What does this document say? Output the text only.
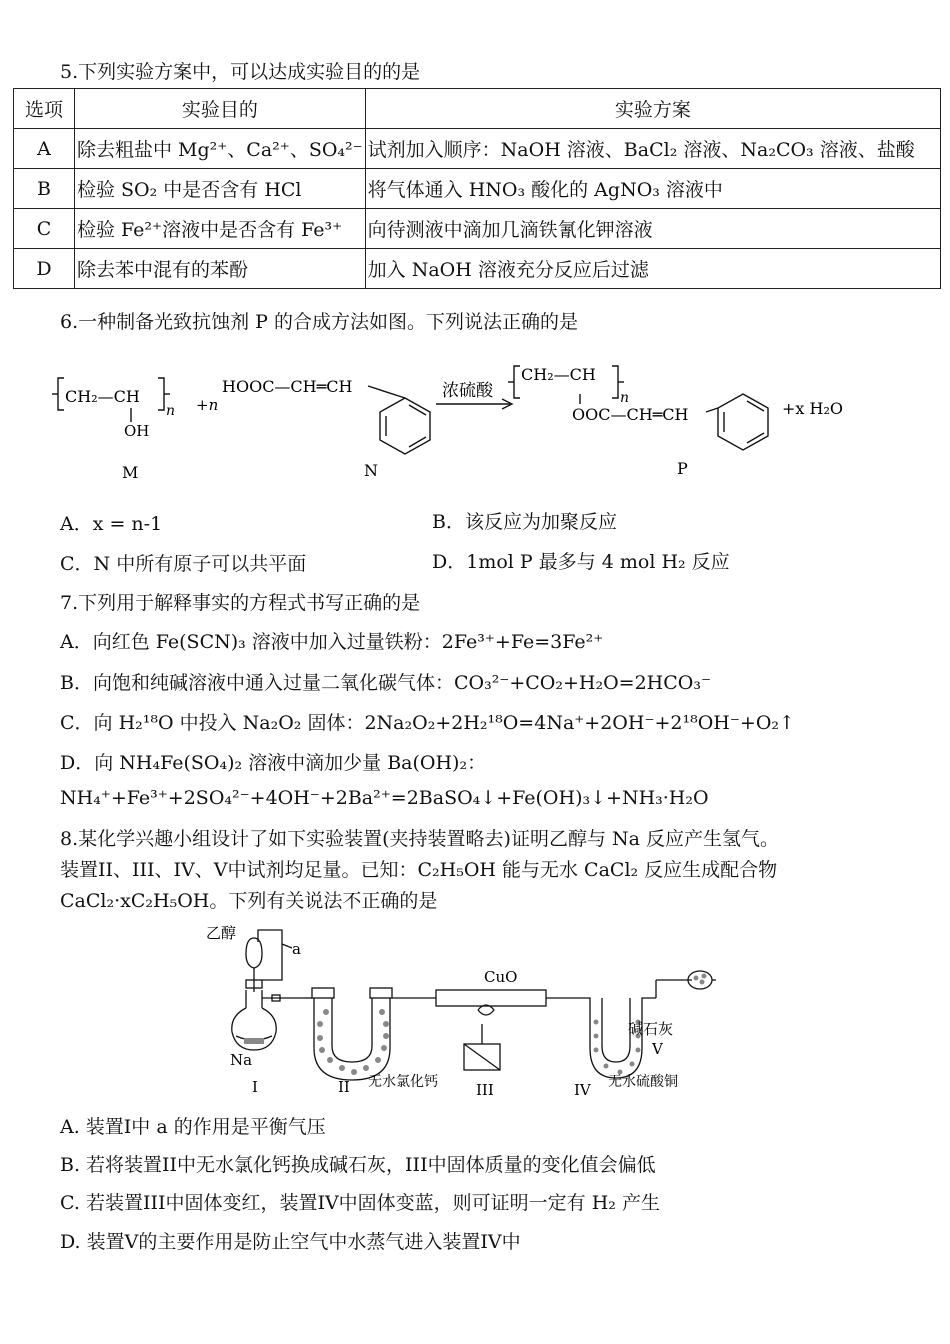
5.下列实验方案中，可以达成实验目的的是
选项	实验目的	实验方案
A	除去粗盐中 Mg²⁺、Ca²⁺、SO₄²⁻	试剂加入顺序：NaOH 溶液、BaCl₂ 溶液、Na₂CO₃ 溶液、盐酸
B	检验 SO₂ 中是否含有 HCl	将气体通入 HNO₃ 酸化的 AgNO₃ 溶液中
C	检验 Fe²⁺溶液中是否含有 Fe³⁺	向待测液中滴加几滴铁氰化钾溶液
D	除去苯中混有的苯酚	加入 NaOH 溶液充分反应后过滤
6.一种制备光致抗蚀剂 P 的合成方法如图。下列说法正确的是
CH₂—CH
n
OH
+n
HOOC—CH═CH	浓硫酸
CH₂—CH
n
OOC—CH═CH	+x H₂O
M	N	P
A．x = n-1	B．该反应为加聚反应
C．N 中所有原子可以共平面	D．1mol P 最多与 4 mol H₂ 反应
7.下列用于解释事实的方程式书写正确的是
A．向红色 Fe(SCN)₃ 溶液中加入过量铁粉：2Fe³⁺+Fe=3Fe²⁺
B．向饱和纯碱溶液中通入过量二氧化碳气体：CO₃²⁻+CO₂+H₂O=2HCO₃⁻
C．向 H₂¹⁸O 中投入 Na₂O₂ 固体：2Na₂O₂+2H₂¹⁸O=4Na⁺+2OH⁻+2¹⁸OH⁻+O₂↑
D．向 NH₄Fe(SO₄)₂ 溶液中滴加少量 Ba(OH)₂：
NH₄⁺+Fe³⁺+2SO₄²⁻+4OH⁻+2Ba²⁺=2BaSO₄↓+Fe(OH)₃↓+NH₃·H₂O
8.某化学兴趣小组设计了如下实验装置(夹持装置略去)证明乙醇与 Na 反应产生氢气。
装置II、III、IV、V中试剂均足量。已知：C₂H₅OH 能与无水 CaCl₂ 反应生成配合物
CaCl₂·xC₂H₅OH。下列有关说法不正确的是
乙醇
a
Na
CuO
碱石灰
无水氯化钙	无水硫酸铜
I	II	III	IV
V
A. 装置I中 a 的作用是平衡气压
B. 若将装置II中无水氯化钙换成碱石灰，III中固体质量的变化值会偏低
C. 若装置III中固体变红，装置IV中固体变蓝，则可证明一定有 H₂ 产生
D. 装置V的主要作用是防止空气中水蒸气进入装置IV中
